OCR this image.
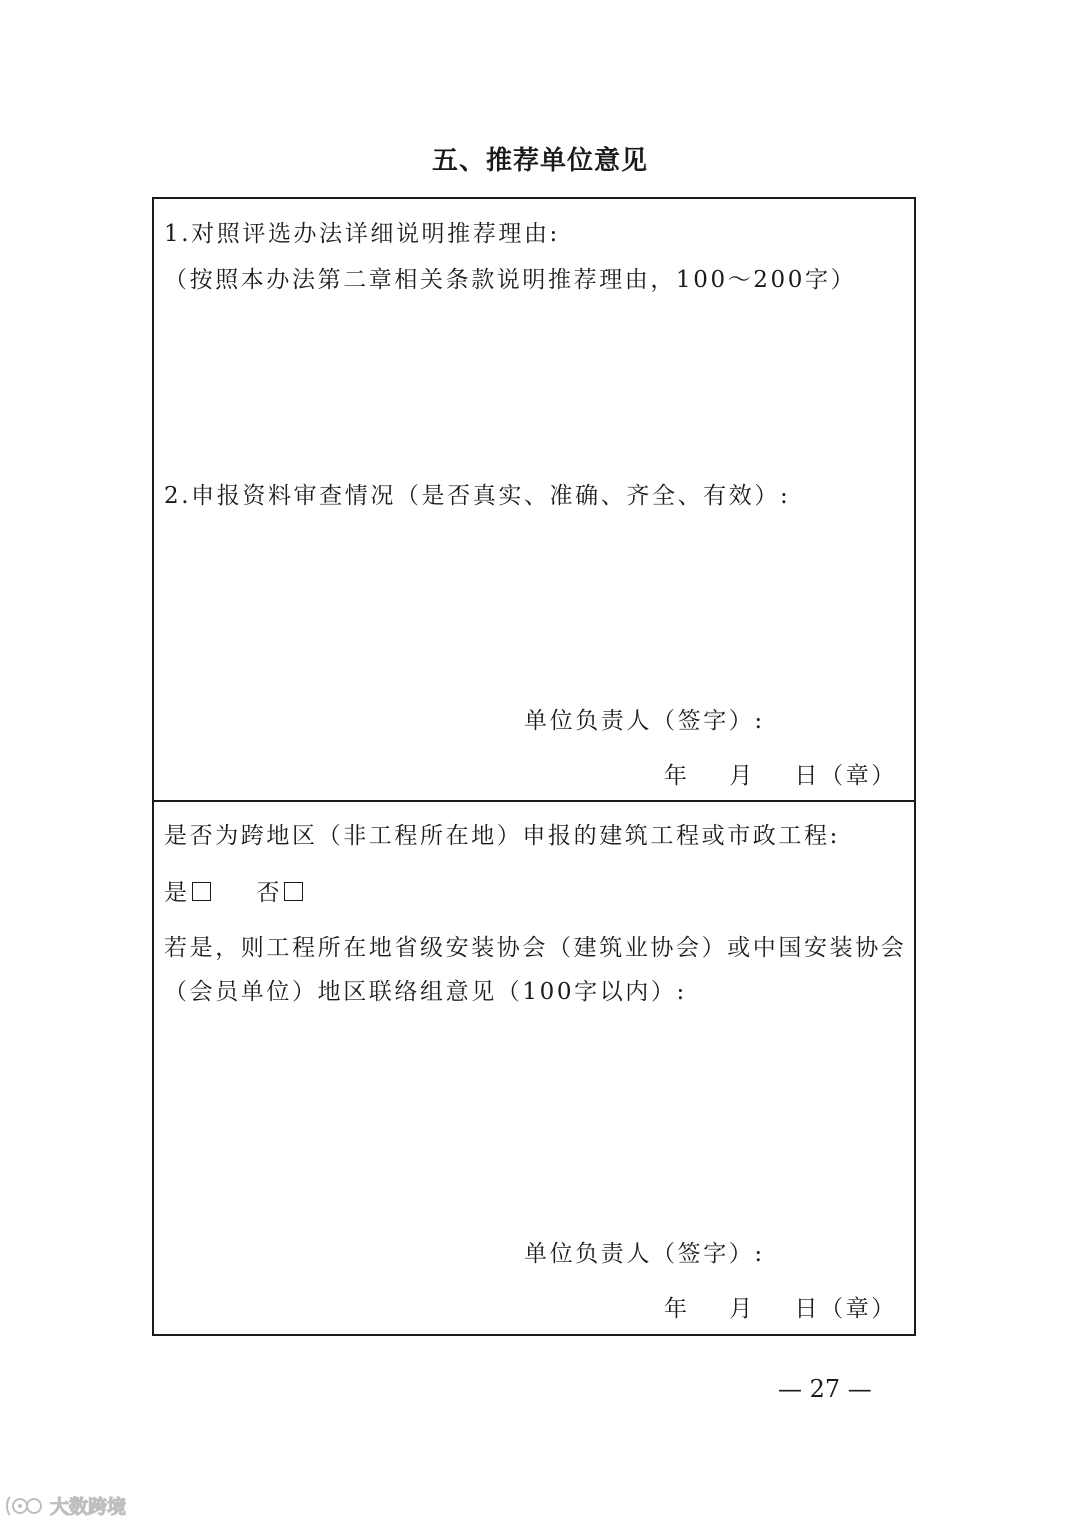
五、推荐单位意见
1.对照评选办法详细说明推荐理由:
（按照本办法第二章相关条款说明推荐理由，100～200字）
2.申报资料审查情况（是否真实、准确、齐全、有效）:
单位负责人（签字）:
年    月    日（章）
是否为跨地区（非工程所在地）申报的建筑工程或市政工程:
是	否
若是，则工程所在地省级安装协会（建筑业协会）或中国安装协会
（会员单位）地区联络组意见（100字以内）:
单位负责人（签字）:
年    月    日（章）
— 27 —
大数跨境
